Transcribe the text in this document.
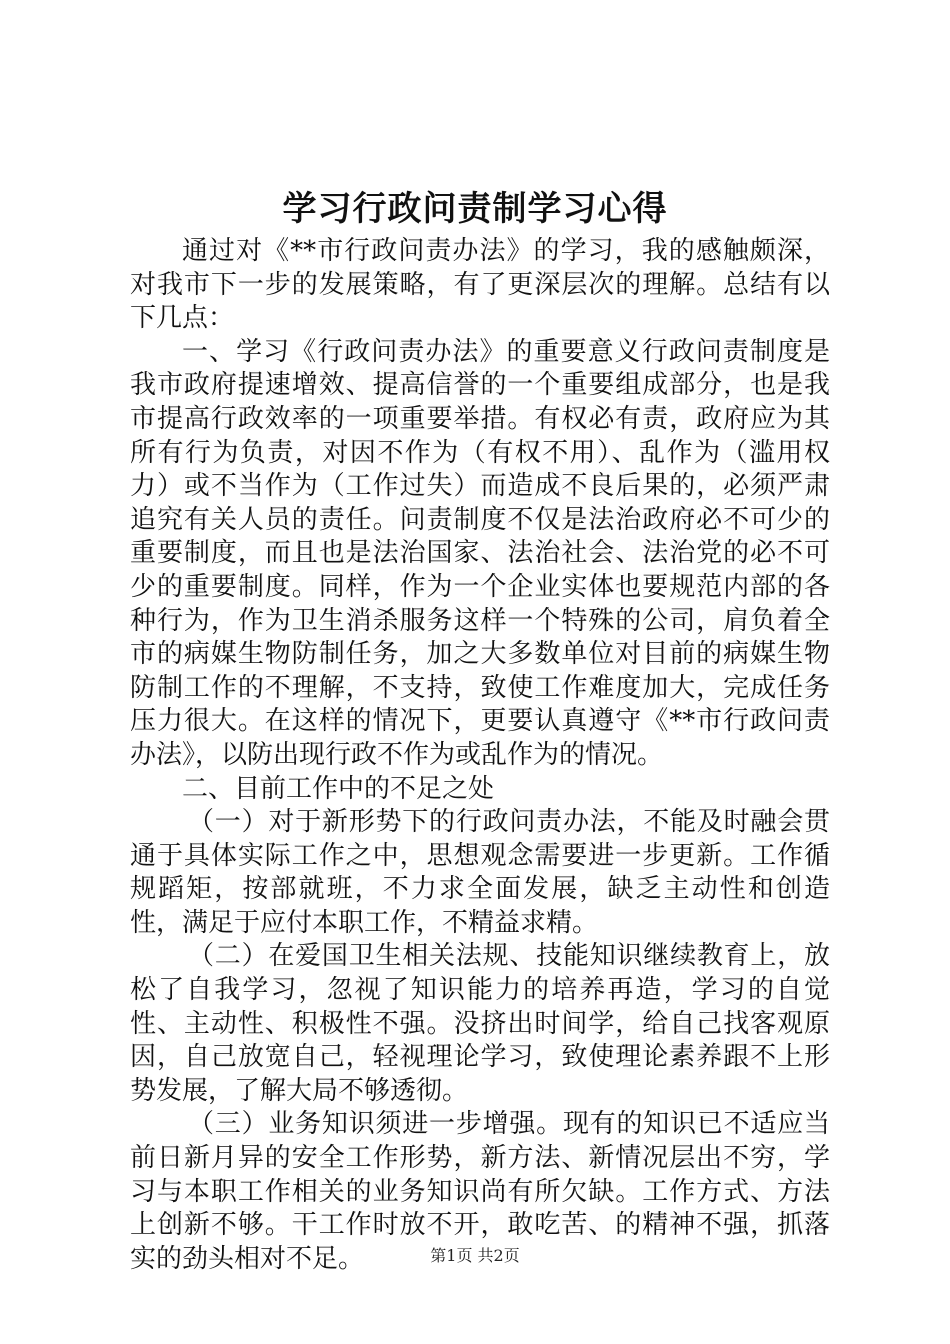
学习行政问责制学习心得

通过对《**市行政问责办法》的学习，我的感触颇深，对我市下一步的发展策略，有了更深层次的理解。总结有以下几点：

一、学习《行政问责办法》的重要意义行政问责制度是我市政府提速增效、提高信誉的一个重要组成部分，也是我市提高行政效率的一项重要举措。有权必有责，政府应为其所有行为负责，对因不作为（有权不用）、乱作为（滥用权力）或不当作为（工作过失）而造成不良后果的，必须严肃追究有关人员的责任。问责制度不仅是法治政府必不可少的重要制度，而且也是法治国家、法治社会、法治党的必不可少的重要制度。同样，作为一个企业实体也要规范内部的各种行为，作为卫生消杀服务这样一个特殊的公司，肩负着全市的病媒生物防制任务，加之大多数单位对目前的病媒生物防制工作的不理解，不支持，致使工作难度加大，完成任务压力很大。在这样的情况下，更要认真遵守《**市行政问责办法》，以防出现行政不作为或乱作为的情况。

二、目前工作中的不足之处

（一）对于新形势下的行政问责办法，不能及时融会贯通于具体实际工作之中，思想观念需要进一步更新。工作循规蹈矩，按部就班，不力求全面发展，缺乏主动性和创造性，满足于应付本职工作，不精益求精。

（二）在爱国卫生相关法规、技能知识继续教育上，放松了自我学习，忽视了知识能力的培养再造，学习的自觉性、主动性、积极性不强。没挤出时间学，给自己找客观原因，自己放宽自己，轻视理论学习，致使理论素养跟不上形势发展，了解大局不够透彻。

（三）业务知识须进一步增强。现有的知识已不适应当前日新月异的安全工作形势，新方法、新情况层出不穷，学习与本职工作相关的业务知识尚有所欠缺。工作方式、方法上创新不够。干工作时放不开，敢吃苦、的精神不强，抓落实的劲头相对不足。	第1页 共2页
